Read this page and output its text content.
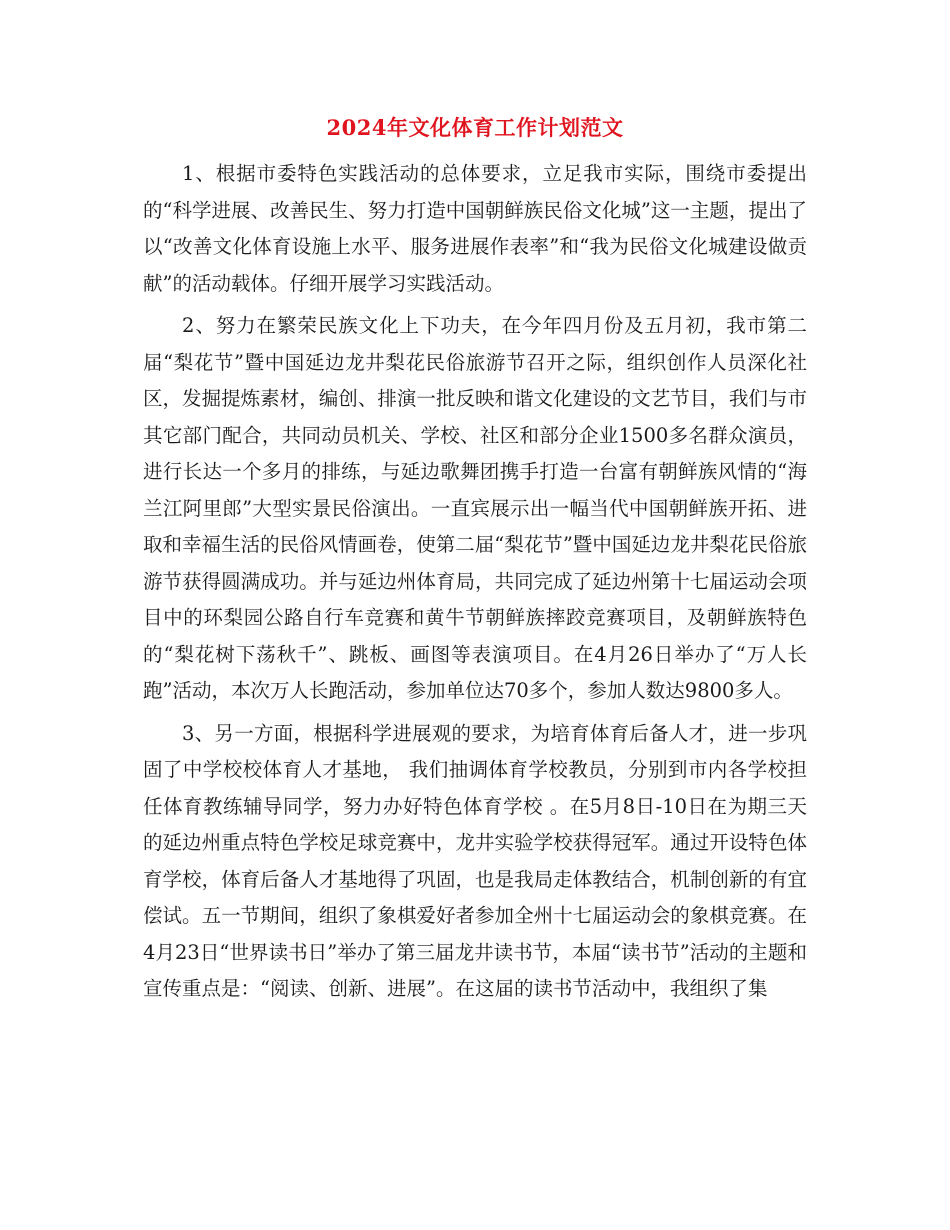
2024年文化体育工作计划范文

1、根据市委特色实践活动的总体要求，立足我市实际，围绕市委提出的“科学进展、改善民生、努力打造中国朝鲜族民俗文化城”这一主题，提出了以“改善文化体育设施上水平、服务进展作表率”和“我为民俗文化城建设做贡献”的活动载体。仔细开展学习实践活动。

2、努力在繁荣民族文化上下功夫，在今年四月份及五月初，我市第二届“梨花节”暨中国延边龙井梨花民俗旅游节召开之际，组织创作人员深化社区，发掘提炼素材，编创、排演一批反映和谐文化建设的文艺节目，我们与市其它部门配合，共同动员机关、学校、社区和部分企业1500多名群众演员，进行长达一个多月的排练，与延边歌舞团携手打造一台富有朝鲜族风情的“海兰江阿里郎”大型实景民俗演出。一直宾展示出一幅当代中国朝鲜族开拓、进取和幸福生活的民俗风情画卷，使第二届“梨花节”暨中国延边龙井梨花民俗旅游节获得圆满成功。并与延边州体育局，共同完成了延边州第十七届运动会项目中的环梨园公路自行车竞赛和黄牛节朝鲜族摔跤竞赛项目，及朝鲜族特色的“梨花树下荡秋千”、跳板、画图等表演项目。在4月26日举办了“万人长跑”活动，本次万人长跑活动，参加单位达70多个，参加人数达9800多人。

3、另一方面，根据科学进展观的要求，为培育体育后备人才，进一步巩固了中学校校体育人才基地， 我们抽调体育学校教员，分别到市内各学校担任体育教练辅导同学，努力办好特色体育学校 。在5月8日-10日在为期三天的延边州重点特色学校足球竞赛中，龙井实验学校获得冠军。通过开设特色体育学校，体育后备人才基地得了巩固，也是我局走体教结合，机制创新的有宜偿试。五一节期间，组织了象棋爱好者参加全州十七届运动会的象棋竞赛。在4月23日“世界读书日”举办了第三届龙井读书节，本届“读书节”活动的主题和宣传重点是：“阅读、创新、进展”。在这届的读书节活动中，我组织了集
